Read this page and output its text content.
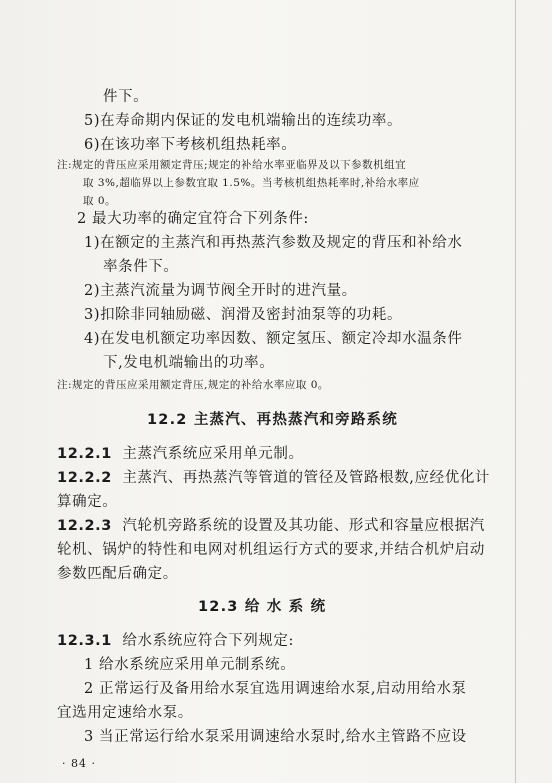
件下。
5)在寿命期内保证的发电机端输出的连续功率。
6)在该功率下考核机组热耗率。
注:规定的背压应采用额定背压;规定的补给水率亚临界及以下参数机组宜
取 3%,超临界以上参数宜取 1.5%。当考核机组热耗率时,补给水率应
取 0。
2 最大功率的确定宜符合下列条件:
1)在额定的主蒸汽和再热蒸汽参数及规定的背压和补给水
率条件下。
2)主蒸汽流量为调节阀全开时的进汽量。
3)扣除非同轴励磁、润滑及密封油泵等的功耗。
4)在发电机额定功率因数、额定氢压、额定冷却水温条件
下,发电机端输出的功率。
注:规定的背压应采用额定背压,规定的补给水率应取 0。
12.2 主蒸汽、再热蒸汽和旁路系统
12.2.1 主蒸汽系统应采用单元制。
12.2.2 主蒸汽、再热蒸汽等管道的管径及管路根数,应经优化计
算确定。
12.2.3 汽轮机旁路系统的设置及其功能、形式和容量应根据汽
轮机、锅炉的特性和电网对机组运行方式的要求,并结合机炉启动
参数匹配后确定。
12.3 给 水 系 统
12.3.1 给水系统应符合下列规定:
1 给水系统应采用单元制系统。
2 正常运行及备用给水泵宜选用调速给水泵,启动用给水泵
宜选用定速给水泵。
3 当正常运行给水泵采用调速给水泵时,给水主管路不应设
· 84 ·
